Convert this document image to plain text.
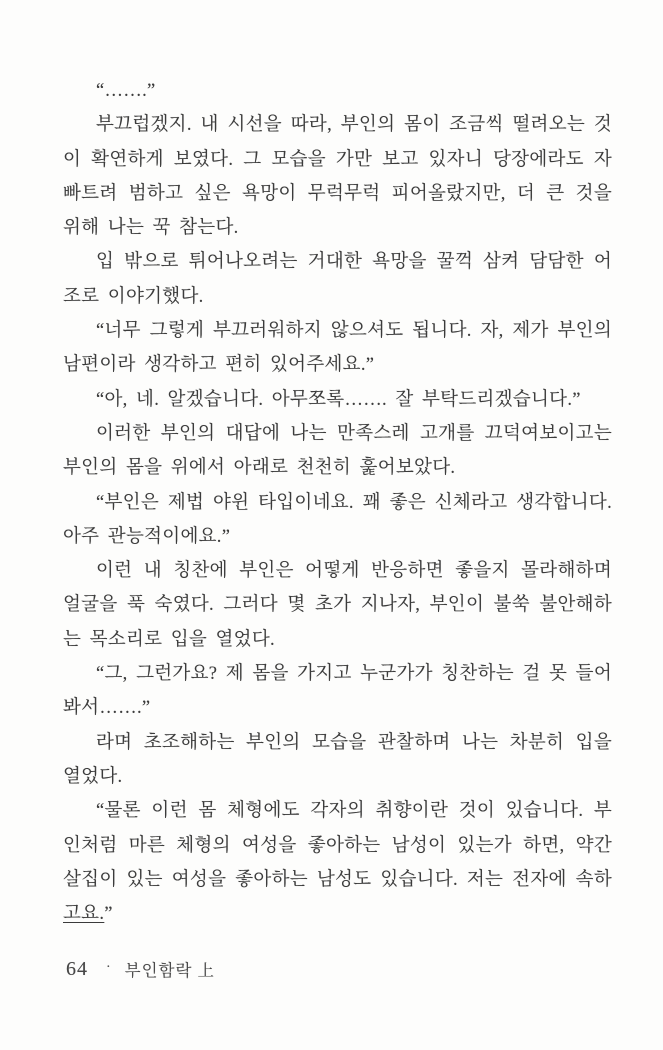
“…….”

부끄럽겠지. 내 시선을 따라, 부인의 몸이 조금씩 떨려오는 것이 확연하게 보였다. 그 모습을 가만 보고 있자니 당장에라도 자빠트려 범하고 싶은 욕망이 무럭무럭 피어올랐지만, 더 큰 것을 위해 나는 꾹 참는다.

입 밖으로 튀어나오려는 거대한 욕망을 꿀꺽 삼켜 담담한 어조로 이야기했다.

“너무 그렇게 부끄러워하지 않으셔도 됩니다. 자, 제가 부인의 남편이라 생각하고 편히 있어주세요.”

“아, 네. 알겠습니다. 아무쪼록……. 잘 부탁드리겠습니다.”

이러한 부인의 대답에 나는 만족스레 고개를 끄덕여보이고는 부인의 몸을 위에서 아래로 천천히 훑어보았다.

“부인은 제법 야윈 타입이네요. 꽤 좋은 신체라고 생각합니다. 아주 관능적이에요.”

이런 내 칭찬에 부인은 어떻게 반응하면 좋을지 몰라해하며 얼굴을 푹 숙였다. 그러다 몇 초가 지나자, 부인이 불쑥 불안해하는 목소리로 입을 열었다.

“그, 그런가요? 제 몸을 가지고 누군가가 칭찬하는 걸 못 들어봐서…….”

라며 초조해하는 부인의 모습을 관찰하며 나는 차분히 입을 열었다.

“물론 이런 몸 체형에도 각자의 취향이란 것이 있습니다. 부인처럼 마른 체형의 여성을 좋아하는 남성이 있는가 하면, 약간 살집이 있는 여성을 좋아하는 남성도 있습니다. 저는 전자에 속하고요.”

64 · 부인함락 上
